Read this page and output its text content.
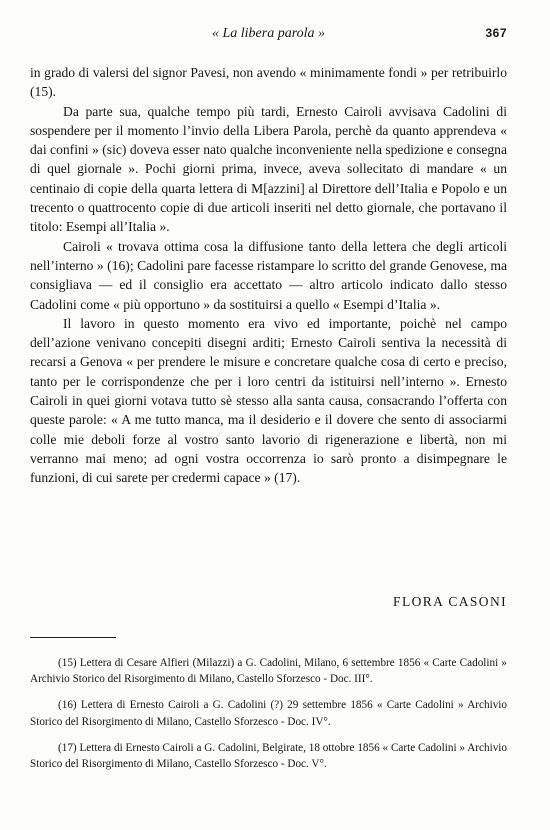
« La libera parola »	367

in grado di valersi del signor Pavesi, non avendo « minimamente fondi » per retribuirlo (15).

Da parte sua, qualche tempo più tardi, Ernesto Cairoli avvisava Cadolini di sospendere per il momento l’invio della Libera Parola, perchè da quanto apprendeva « dai confini » (sic) doveva esser nato qualche inconveniente nella spedizione e consegna di quel giornale ». Pochi giorni prima, invece, aveva sollecitato di mandare « un centinaio di copie della quarta lettera di M[azzini] al Direttore dell’Italia e Popolo e un trecento o quattrocento copie di due articoli inseriti nel detto giornale, che portavano il titolo: Esempi all’Italia ».

Cairoli « trovava ottima cosa la diffusione tanto della lettera che degli articoli nell’interno » (16); Cadolini pare facesse ristampare lo scritto del grande Genovese, ma consigliava — ed il consiglio era accettato — altro articolo indicato dallo stesso Cadolini come « più opportuno » da sostituirsi a quello « Esempi d’Italia ».

Il lavoro in questo momento era vivo ed importante, poichè nel campo dell’azione venivano concepiti disegni arditi; Ernesto Cairoli sentiva la necessità di recarsi a Genova « per prendere le misure e concretare qualche cosa di certo e preciso, tanto per le corrispondenze che per i loro centri da istituirsi nell’interno ». Ernesto Cairoli in quei giorni votava tutto sè stesso alla santa causa, consacrando l’offerta con queste parole: « A me tutto manca, ma il desiderio e il dovere che sento di associarmi colle mie deboli forze al vostro santo lavorio di rigenerazione e libertà, non mi verranno mai meno; ad ogni vostra occorrenza io sarò pronto a disimpegnare le funzioni, di cui sarete per credermi capace » (17).

FLORA CASONI

(15) Lettera di Cesare Alfieri (Milazzi) a G. Cadolini, Milano, 6 settembre 1856 « Carte Cadolini » Archivio Storico del Risorgimento di Milano, Castello Sforzesco - Doc. III°.

(16) Lettera di Ernesto Cairoli a G. Cadolini (?) 29 settembre 1856 « Carte Cadolini » Archivio Storico del Risorgimento di Milano, Castello Sforzesco - Doc. IV°.

(17) Lettera di Ernesto Cairoli a G. Cadolini, Belgirate, 18 ottobre 1856 « Carte Cadolini » Archivio Storico del Risorgimento di Milano, Castello Sforzesco - Doc. V°.
